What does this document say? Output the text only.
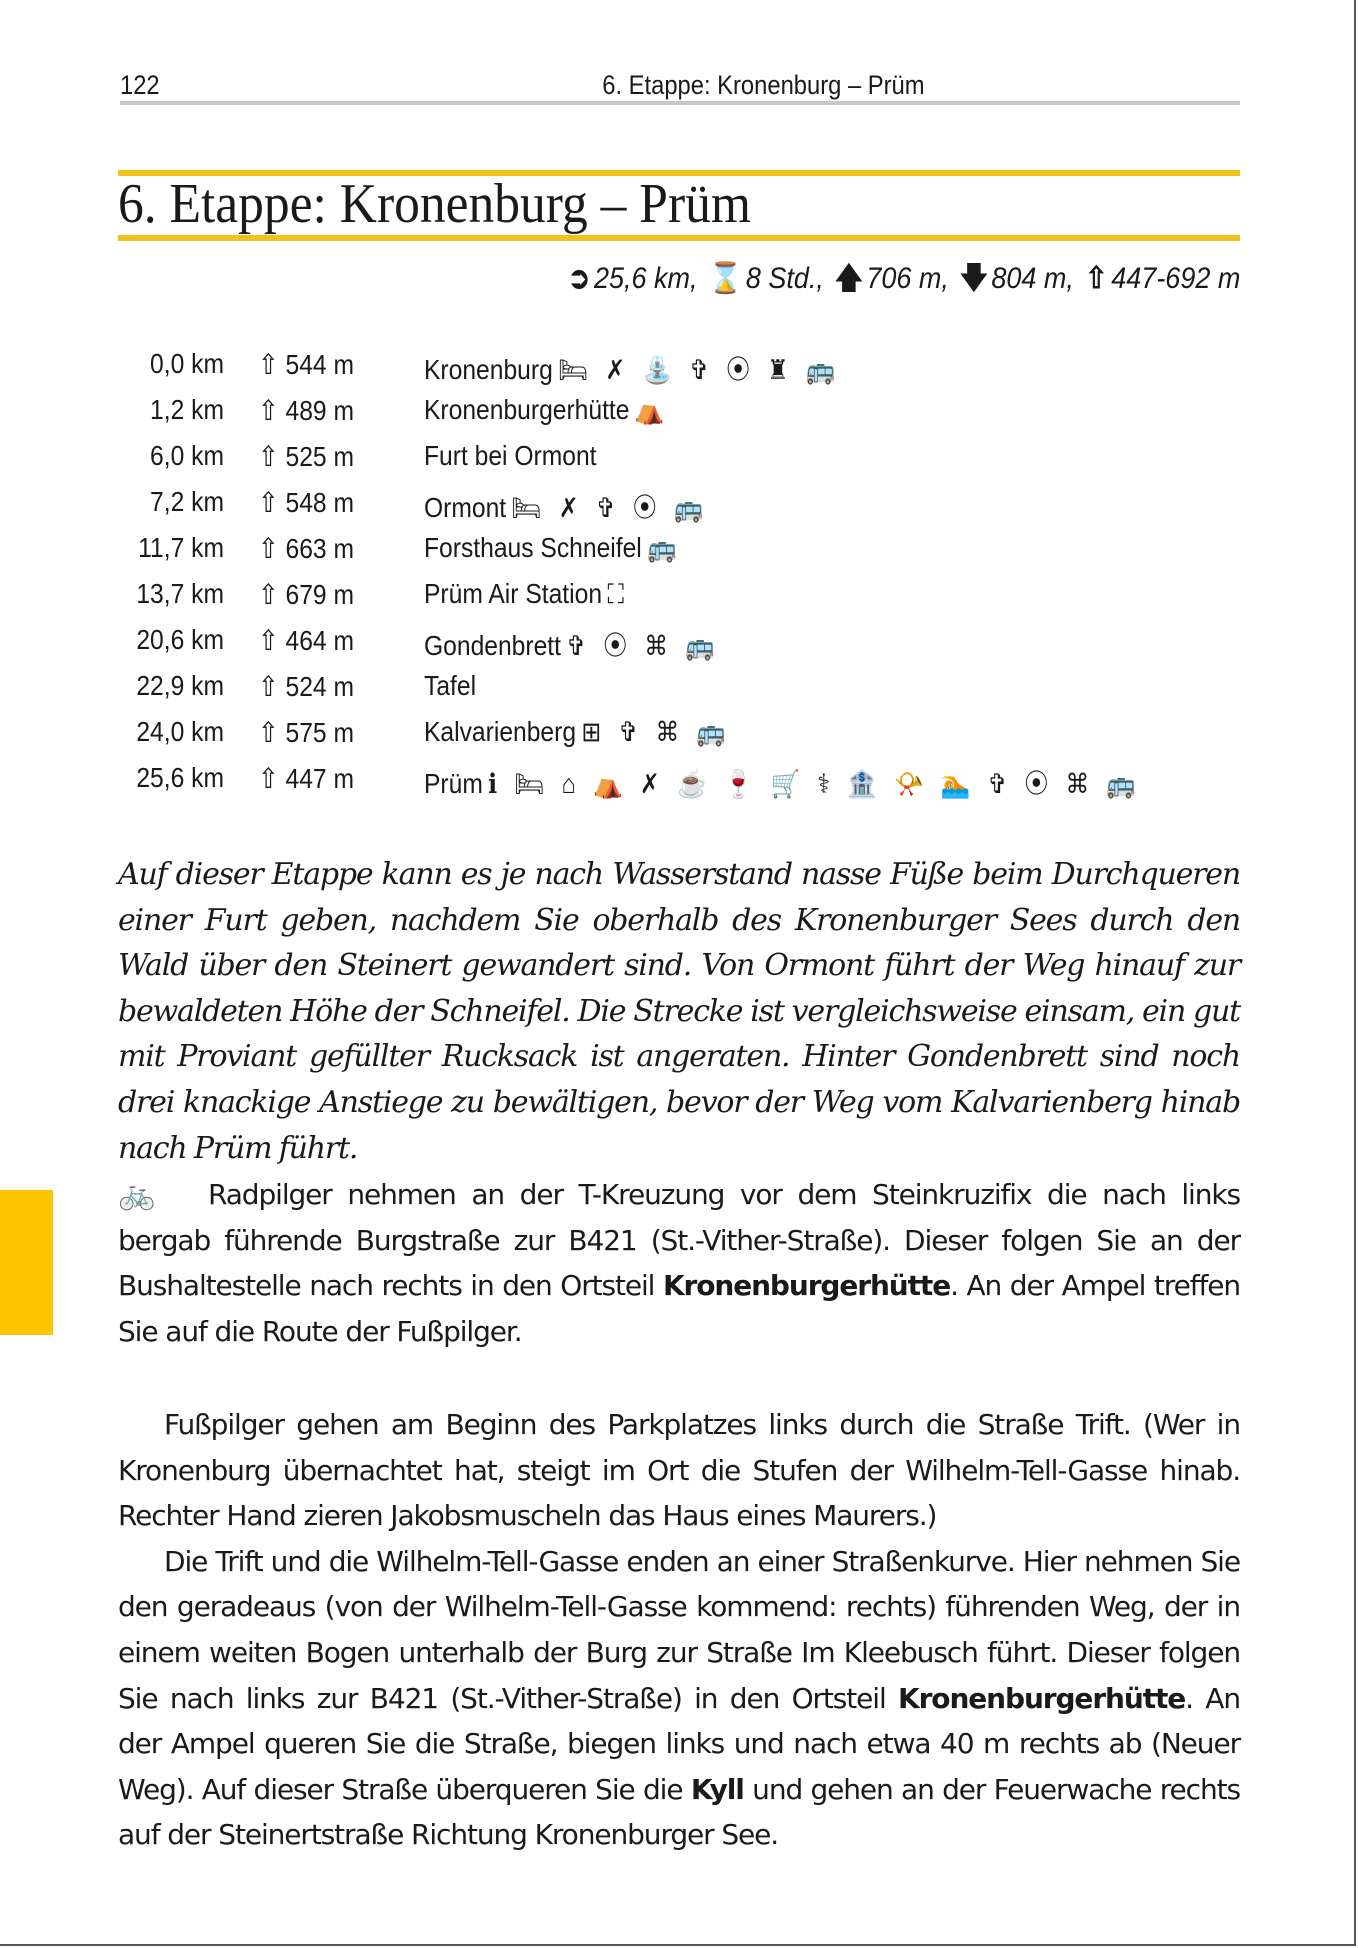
122	6. Etappe: Kronenburg – Prüm
6. Etappe: Kronenburg – Prüm
➲ 25,6 km, ⌛ 8 Std., 🡅 706 m, 🡇 804 m, ⇧ 447-692 m
0,0 km ⇧ 544 m	Kronenburg 🛏 ✗ ⛲ ✞ ⦿ ♜ 🚌
1,2 km ⇧ 489 m	Kronenburgerhütte ⛺
6,0 km ⇧ 525 m	Furt bei Ormont
7,2 km ⇧ 548 m	Ormont 🛏 ✗ ✞ ⦿ 🚌
11,7 km ⇧ 663 m	Forsthaus Schneifel 🚌
13,7 km ⇧ 679 m	Prüm Air Station ⛶
20,6 km ⇧ 464 m	Gondenbrett ✞ ⦿ ⌘ 🚌
22,9 km ⇧ 524 m	Tafel
24,0 km ⇧ 575 m	Kalvarienberg ⊞ ✞ ⌘ 🚌
25,6 km ⇧ 447 m	Prüm ℹ 🛏 ⌂ ⛺ ✗ ☕ 🍷 🛒 ⚕ 🏦 📯 🏊 ✞ ⦿ ⌘ 🚌

Auf dieser Etappe kann es je nach Wasserstand nasse Füße beim Durchqueren einer Furt geben, nachdem Sie oberhalb des Kronenburger Sees durch den Wald über den Steinert gewandert sind. Von Ormont führt der Weg hinauf zur bewaldeten Höhe der Schneifel. Die Strecke ist vergleichsweise einsam, ein gut mit Proviant gefüllter Rucksack ist angeraten. Hinter Gondenbrett sind noch drei knackige Anstiege zu bewältigen, bevor der Weg vom Kalvarienberg hinab nach Prüm führt.

🚲 Radpilger nehmen an der T-Kreuzung vor dem Steinkruzifix die nach links bergab führende Burgstraße zur B421 (St.-Vither-Straße). Dieser folgen Sie an der Bushaltestelle nach rechts in den Ortsteil Kronenburgerhütte. An der Ampel treffen Sie auf die Route der Fußpilger.

Fußpilger gehen am Beginn des Parkplatzes links durch die Straße Trift. (Wer in Kronenburg übernachtet hat, steigt im Ort die Stufen der Wilhelm-Tell-Gasse hinab. Rechter Hand zieren Jakobsmuscheln das Haus eines Maurers.)

Die Trift und die Wilhelm-Tell-Gasse enden an einer Straßenkurve. Hier nehmen Sie den geradeaus (von der Wilhelm-Tell-Gasse kommend: rechts) führenden Weg, der in einem weiten Bogen unterhalb der Burg zur Straße Im Kleebusch führt. Dieser folgen Sie nach links zur B421 (St.-Vither-Straße) in den Ortsteil Kronenburgerhütte. An der Ampel queren Sie die Straße, biegen links und nach etwa 40 m rechts ab (Neuer Weg). Auf dieser Straße überqueren Sie die Kyll und gehen an der Feuerwache rechts auf der Steinertstraße Richtung Kronenburger See.
